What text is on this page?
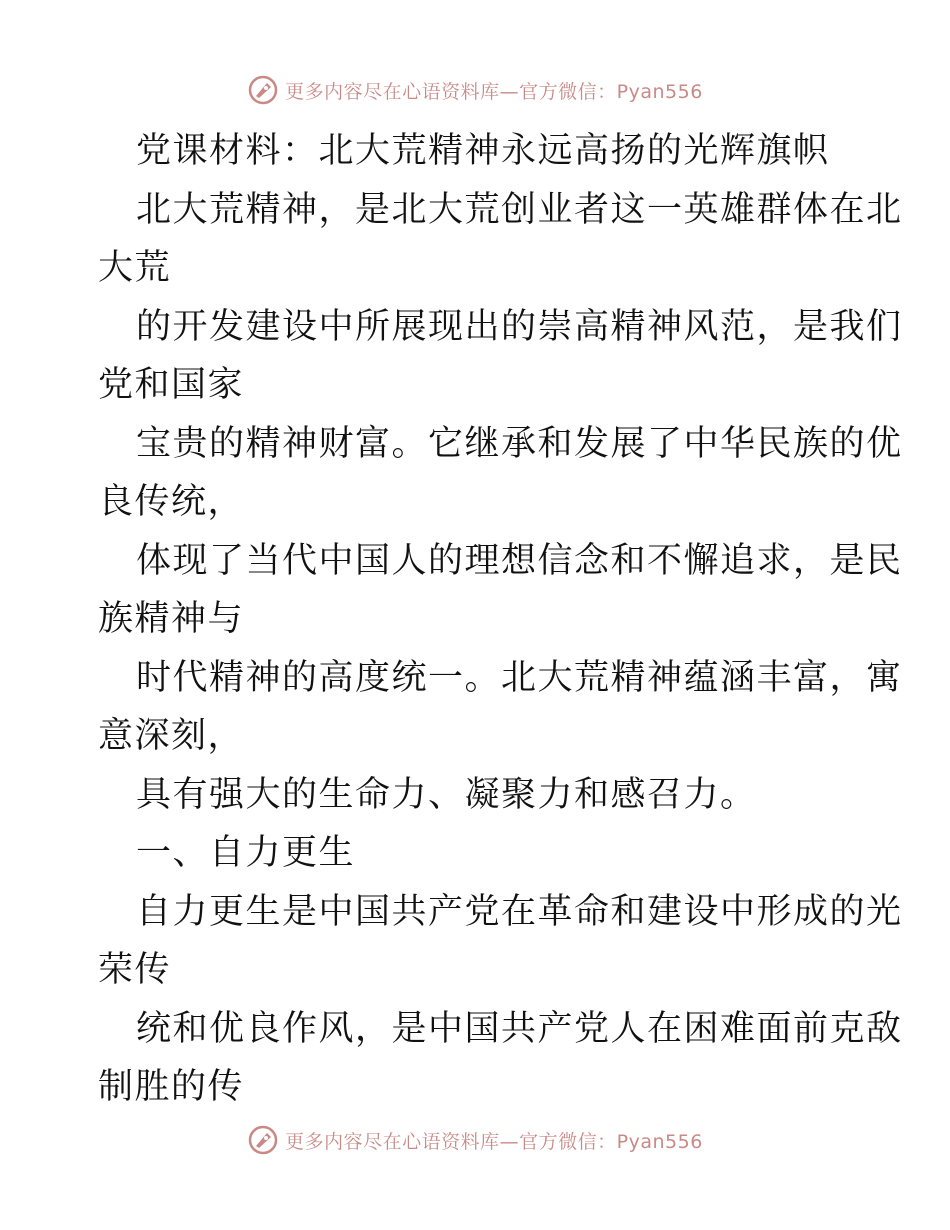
更多内容尽在心语资料库—官方微信：Pyan556
党课材料：北大荒精神永远高扬的光辉旗帜
北大荒精神，是北大荒创业者这一英雄群体在北
大荒
的开发建设中所展现出的崇高精神风范，是我们
党和国家
宝贵的精神财富。它继承和发展了中华民族的优
良传统，
体现了当代中国人的理想信念和不懈追求，是民
族精神与
时代精神的高度统一。北大荒精神蕴涵丰富，寓
意深刻，
具有强大的生命力、凝聚力和感召力。
一、自力更生
自力更生是中国共产党在革命和建设中形成的光
荣传
统和优良作风，是中国共产党人在困难面前克敌
制胜的传
更多内容尽在心语资料库—官方微信：Pyan556
